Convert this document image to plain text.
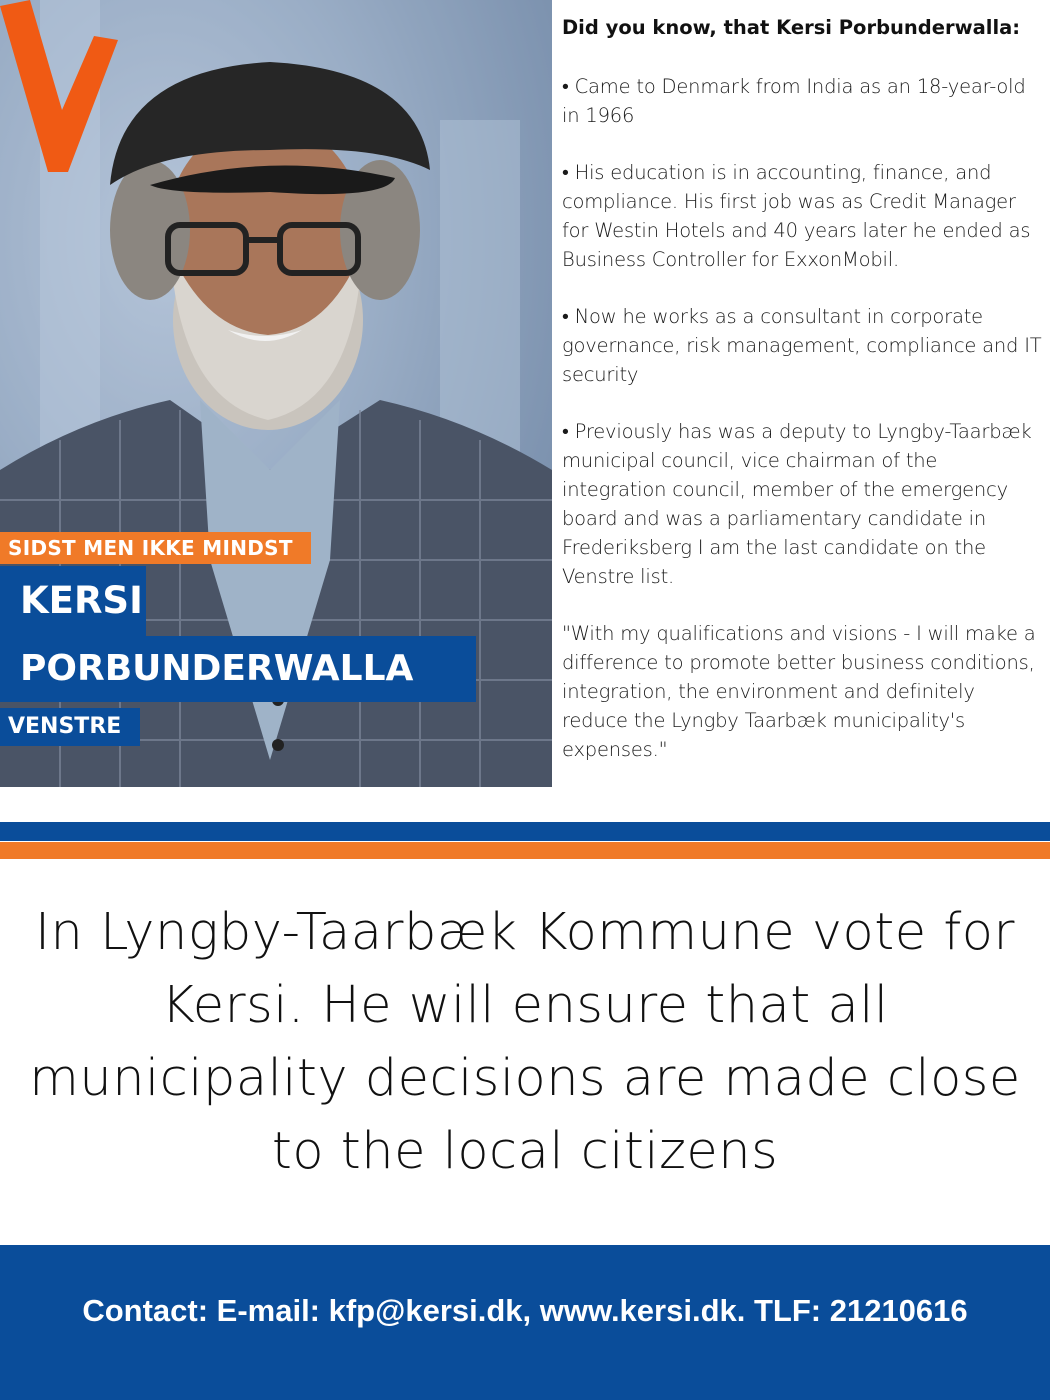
SIDST MEN IKKE MINDST
KERSI
PORBUNDERWALLA
VENSTRE
Did you know, that Kersi Porbunderwalla:

• Came to Denmark from India as an 18-year-old in 1966

• His education is in accounting, finance, and compliance. His first job was as Credit Manager for Westin Hotels and 40 years later he ended as Business Controller for ExxonMobil.

• Now he works as a consultant in corporate governance, risk management, compliance and IT security

• Previously has was a deputy to Lyngby-Taarbæk municipal council, vice chairman of the integration council, member of the emergency board and was a parliamentary candidate in Frederiksberg I am the last candidate on the Venstre list.

"With my qualifications and visions - I will make a difference to promote better business conditions, integration, the environment and definitely reduce the Lyngby Taarbæk municipality's expenses."

In Lyngby-Taarbæk Kommune vote for Kersi. He will ensure that all municipality decisions are made close to the local citizens
Contact: E-mail: kfp@kersi.dk, www.kersi.dk. TLF: 21210616
